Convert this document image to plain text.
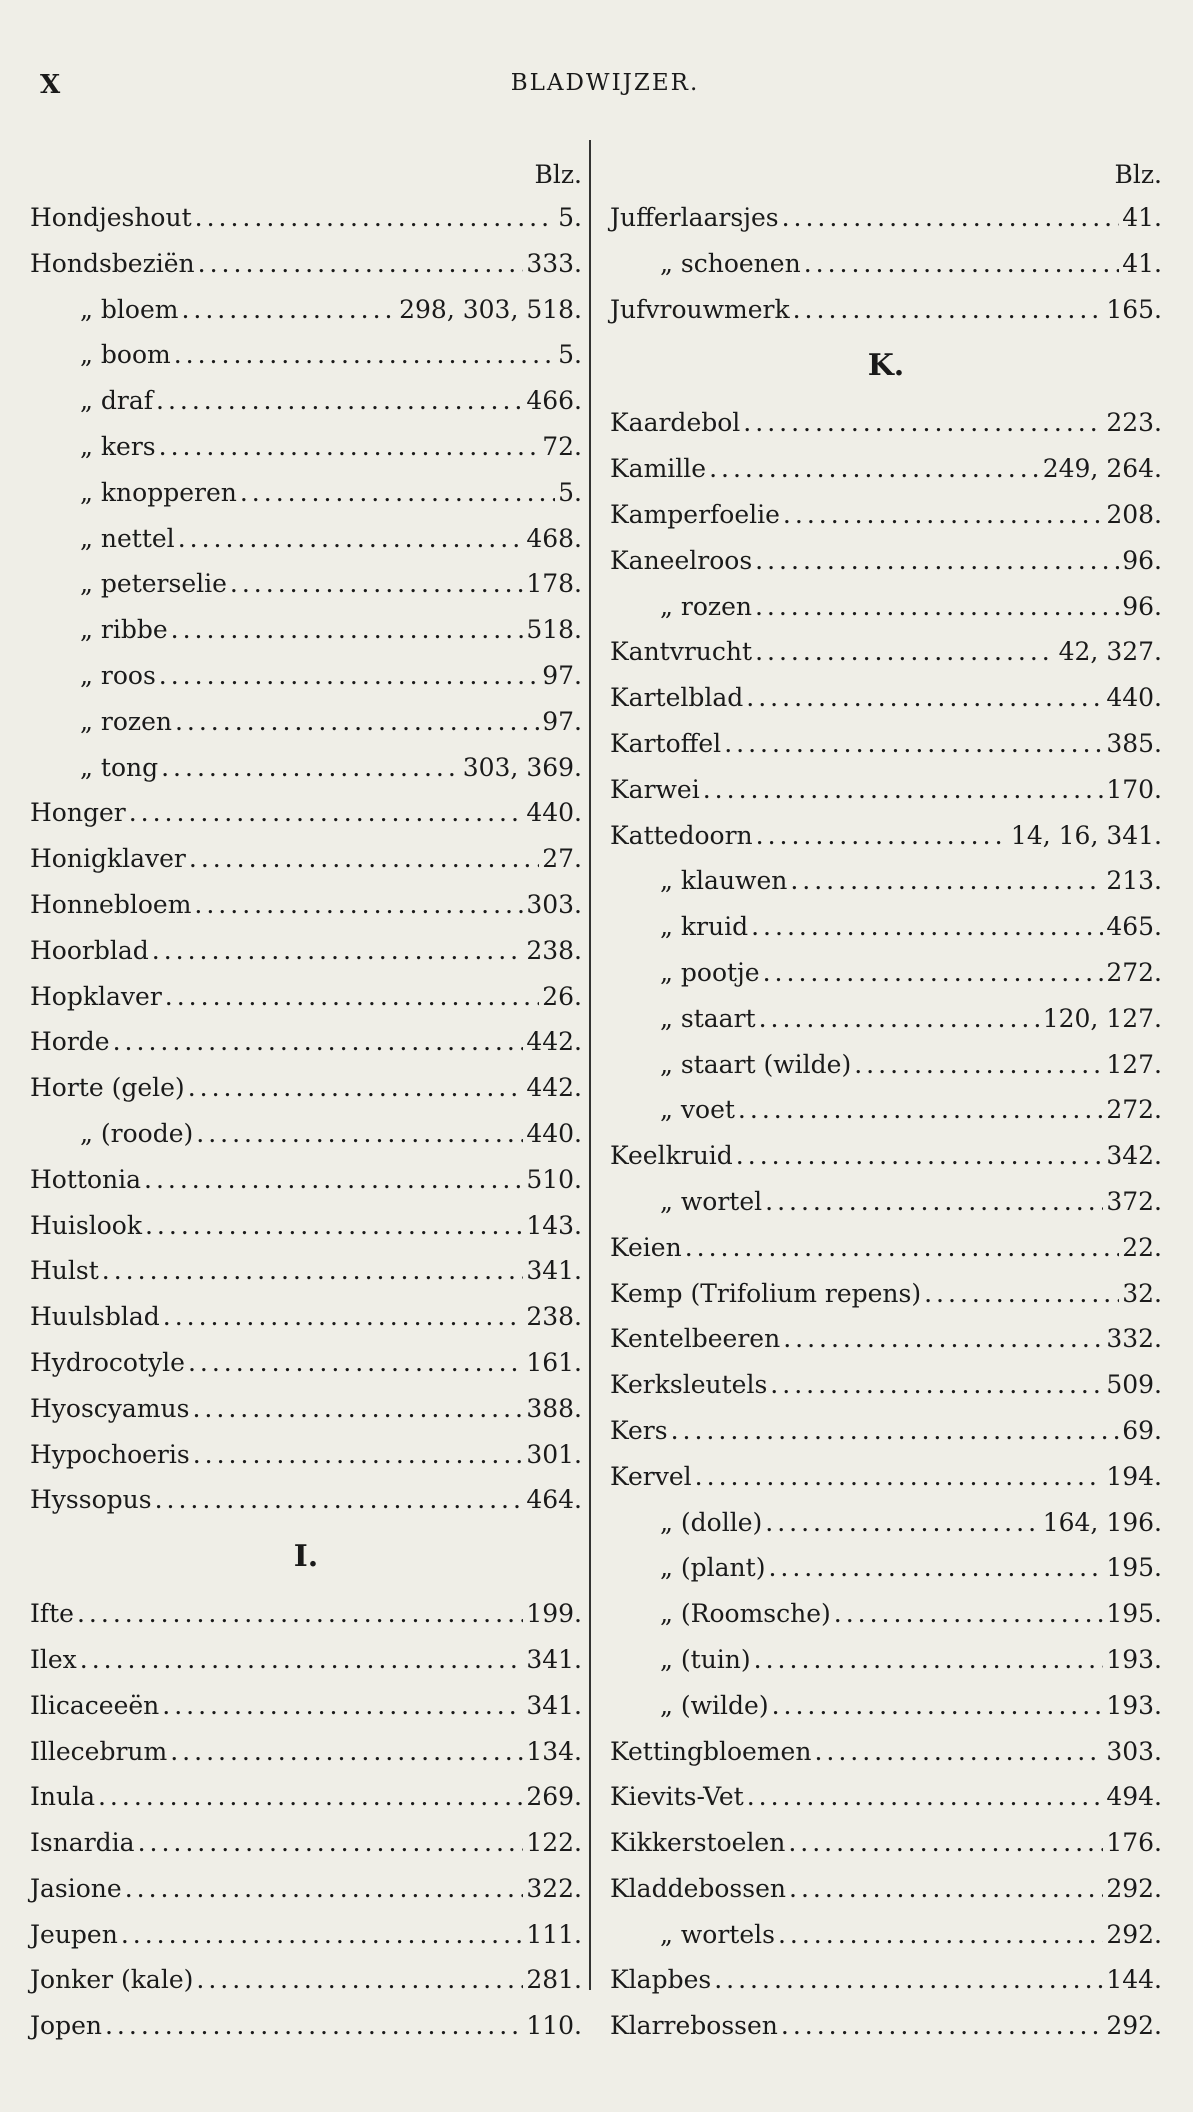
X	BLADWIJZER.
Blz.
Hondjeshout .....	5.
Hondsbeziën .....	333.
„ bloem .....	298, 303, 518.
„ boom .....	5.
„ draf .....	466.
„ kers .....	72.
„ knopperen .....	5.
„ nettel .....	468.
„ peterselie .....	178.
„ ribbe .....	518.
„ roos .....	97.
„ rozen .....	97.
„ tong .....	303, 369.
Honger .....	440.
Honigklaver .....	27.
Honnebloem .....	303.
Hoorblad .....	238.
Hopklaver .....	26.
Horde .....	442.
Horte (gele) .....	442.
„ (roode) .....	440.
Hottonia .....	510.
Huislook .....	143.
Hulst .....	341.
Huulsblad .....	238.
Hydrocotyle .....	161.
Hyoscyamus .....	388.
Hypochoeris .....	301.
Hyssopus .....	464.
I.
Ifte .....	199.
Ilex .....	341.
Ilicaceeën .....	341.
Illecebrum .....	134.
Inula .....	269.
Isnardia .....	122.
Jasione .....	322.
Jeupen .....	111.
Jonker (kale) .....	281.
Jopen .....	110.
Blz.
Jufferlaarsjes .....	41.
„ schoenen .....	41.
Jufvrouwmerk .....	165.
K.
Kaardebol .....	223.
Kamille .....	249, 264.
Kamperfoelie .....	208.
Kaneelroos .....	96.
„ rozen .....	96.
Kantvrucht .....	42, 327.
Kartelblad .....	440.
Kartoffel .....	385.
Karwei .....	170.
Kattedoorn .....	14, 16, 341.
„ klauwen .....	213.
„ kruid .....	465.
„ pootje .....	272.
„ staart .....	120, 127.
„ staart (wilde) .....	127.
„ voet .....	272.
Keelkruid .....	342.
„ wortel .....	372.
Keien .....	22.
Kemp (Trifolium repens) .....	32.
Kentelbeeren .....	332.
Kerksleutels .....	509.
Kers .....	69.
Kervel .....	194.
„ (dolle) .....	164, 196.
„ (plant) .....	195.
„ (Roomsche) .....	195.
„ (tuin) .....	193.
„ (wilde) .....	193.
Kettingbloemen .....	303.
Kievits-Vet .....	494.
Kikkerstoelen .....	176.
Kladdebossen .....	292.
„ wortels .....	292.
Klapbes .....	144.
Klarrebossen .....	292.
